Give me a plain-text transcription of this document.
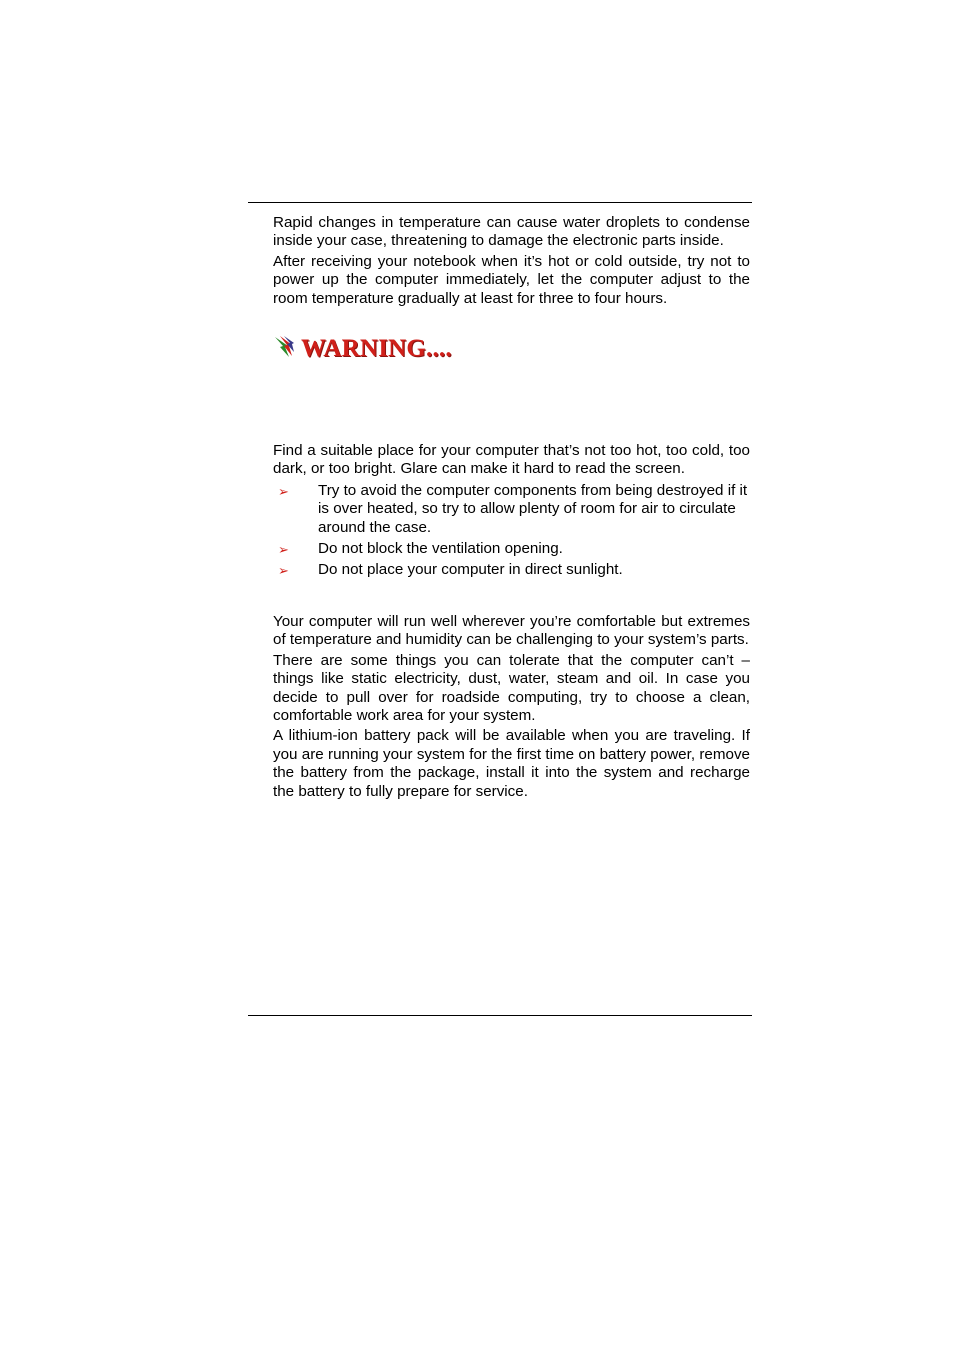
Rapid changes in temperature can cause water droplets to condense inside your case, threatening to damage the electronic parts inside.

After receiving your notebook when it’s hot or cold outside, try not to power up the computer immediately, let the computer adjust to the room temperature gradually at least for three to four hours.

WARNING....

Find a suitable place for your computer that’s not too hot, too cold, too dark, or too bright. Glare can make it hard to read the screen.

➢ Try to avoid the computer components from being destroyed if it is over heated, so try to allow plenty of room for air to circulate around the case.
➢ Do not block the ventilation opening.
➢ Do not place your computer in direct sunlight.

Your computer will run well wherever you’re comfortable but extremes of temperature and humidity can be challenging to your system’s parts.

There are some things you can tolerate that the computer can’t – things like static electricity, dust, water, steam and oil. In case you decide to pull over for roadside computing, try to choose a clean, comfortable work area for your system.

A lithium-ion battery pack will be available when you are traveling. If you are running your system for the first time on battery power, remove the battery from the package, install it into the system and recharge the battery to fully prepare for service.
